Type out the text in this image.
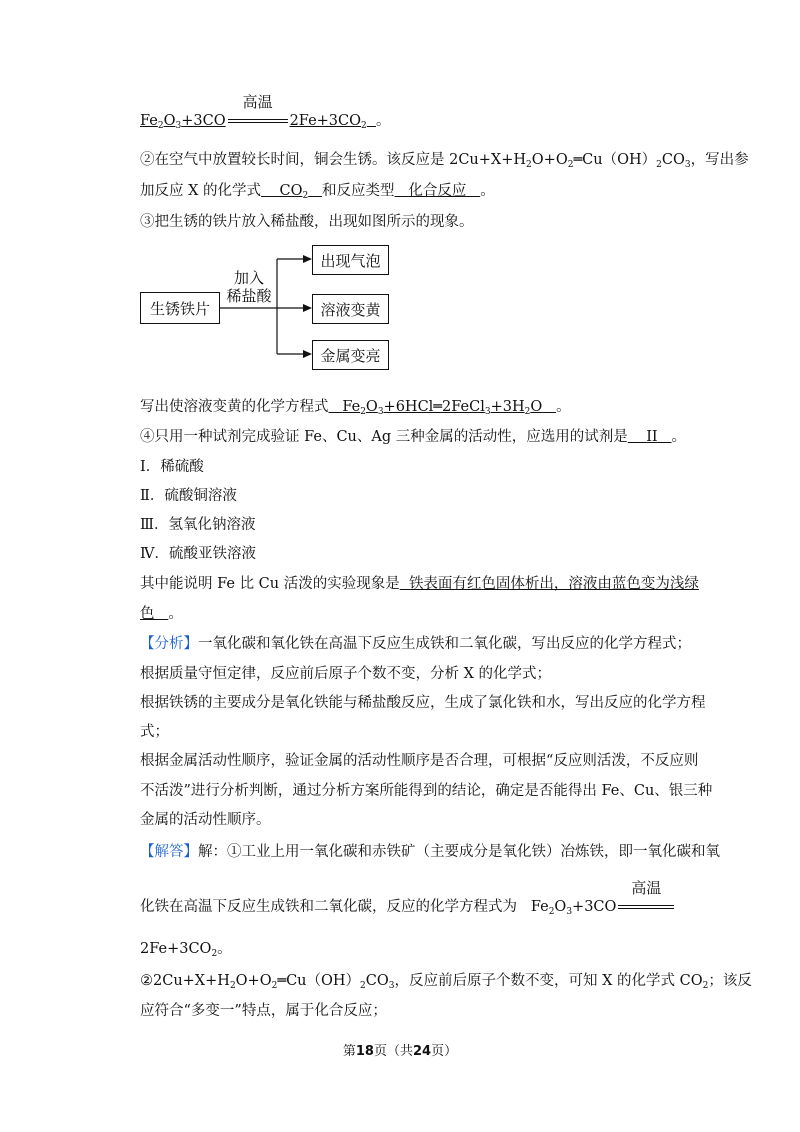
$Fe_2O_3+3CO$
高温
$2Fe+3CO_2$ 。
②在空气中放置较长时间，铜会生锈。该反应是 $2Cu+X+H_2O+O_2═Cu(OH)_2CO_3$，写出参
加反应 X 的化学式 $CO_2$ 和反应类型 化合反应 。
③把生锈的铁片放入稀盐酸，出现如图所示的现象。
生锈铁片
加入
稀盐酸
出现气泡
溶液变黄
金属变亮
写出使溶液变黄的化学方程式 $Fe_2O_3+6HCl═2FeCl_3+3H_2O$ 。
④只用一种试剂完成验证 Fe、Cu、Ag 三种金属的活动性，应选用的试剂是 II 。
Ⅰ．稀硫酸
Ⅱ．硫酸铜溶液
Ⅲ．氢氧化钠溶液
Ⅳ．硫酸亚铁溶液
其中能说明 Fe 比 Cu 活泼的实验现象是 铁表面有红色固体析出，溶液由蓝色变为浅绿
色 。
【分析】一氧化碳和氧化铁在高温下反应生成铁和二氧化碳，写出反应的化学方程式；
根据质量守恒定律，反应前后原子个数不变，分析 X 的化学式；
根据铁锈的主要成分是氧化铁能与稀盐酸反应，生成了氯化铁和水，写出反应的化学方程
式；
根据金属活动性顺序，验证金属的活动性顺序是否合理，可根据“反应则活泼，不反应则
不活泼”进行分析判断，通过分析方案所能得到的结论，确定是否能得出 Fe、Cu、银三种
金属的活动性顺序。
【解答】解：①工业上用一氧化碳和赤铁矿（主要成分是氧化铁）冶炼铁，即一氧化碳和氧
化铁在高温下反应生成铁和二氧化碳，反应的化学方程式为 $Fe_2O_3+3CO$
高温
$2Fe+3CO_2$。
$②2Cu+X+H_2O+O_2═Cu(OH)_2CO_3$，反应前后原子个数不变，可知 X 的化学式 $CO_2$；该反
应符合“多变一”特点，属于化合反应；
第18页（共24页）
